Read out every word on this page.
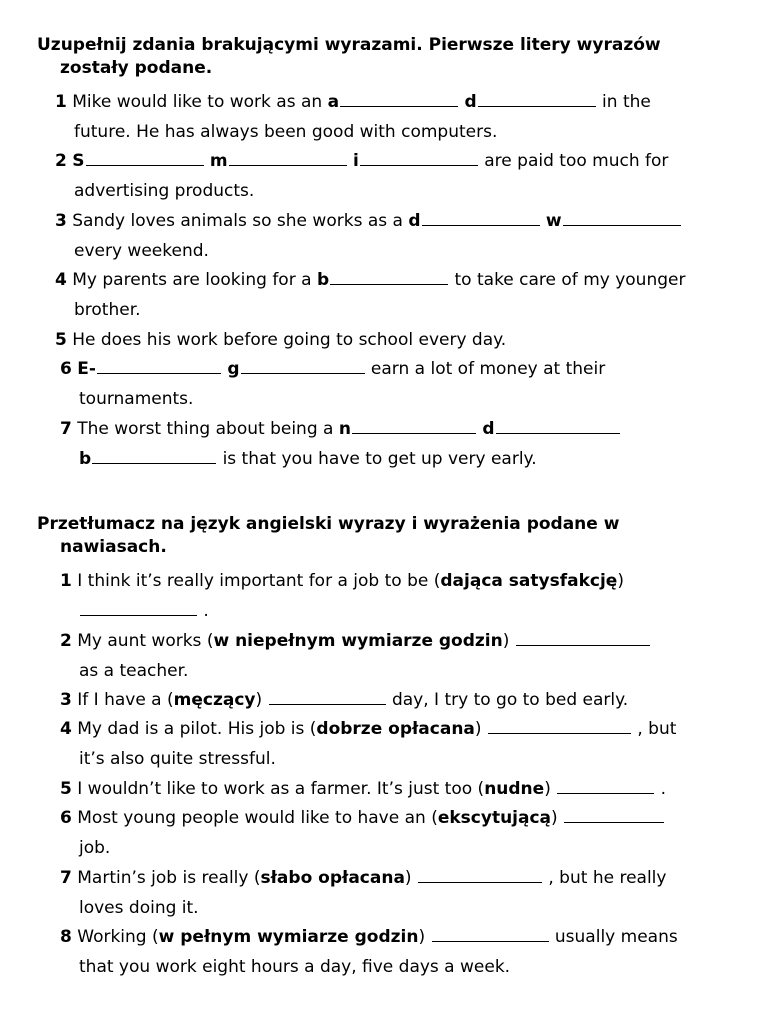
Uzupełnij zdania brakującymi wyrazami. Pierwsze litery wyrazów
zostały podane.
1 Mike would like to work as an a	d	in the
future. He has always been good with computers.
2 S	m	i	are paid too much for
advertising products.
3 Sandy loves animals so she works as a d	w
every weekend.
4 My parents are looking for a b	to take care of my younger
brother.
5 He does his work before going to school every day.
6 E-	g	earn a lot of money at their
tournaments.
7 The worst thing about being a n	d
b	is that you have to get up very early.
Przetłumacz na język angielski wyrazy i wyrażenia podane w
nawiasach.
1 I think it’s really important for a job to be (dająca satysfakcję)
.
2 My aunt works (w niepełnym wymiarze godzin)
as a teacher.
3 If I have a (męczący)	day, I try to go to bed early.
4 My dad is a pilot. His job is (dobrze opłacana)	, but
it’s also quite stressful.
5 I wouldn’t like to work as a farmer. It’s just too (nudne)	.
6 Most young people would like to have an (ekscytującą)
job.
7 Martin’s job is really (słabo opłacana)	, but he really
loves doing it.
8 Working (w pełnym wymiarze godzin)	usually means
that you work eight hours a day, five days a week.
